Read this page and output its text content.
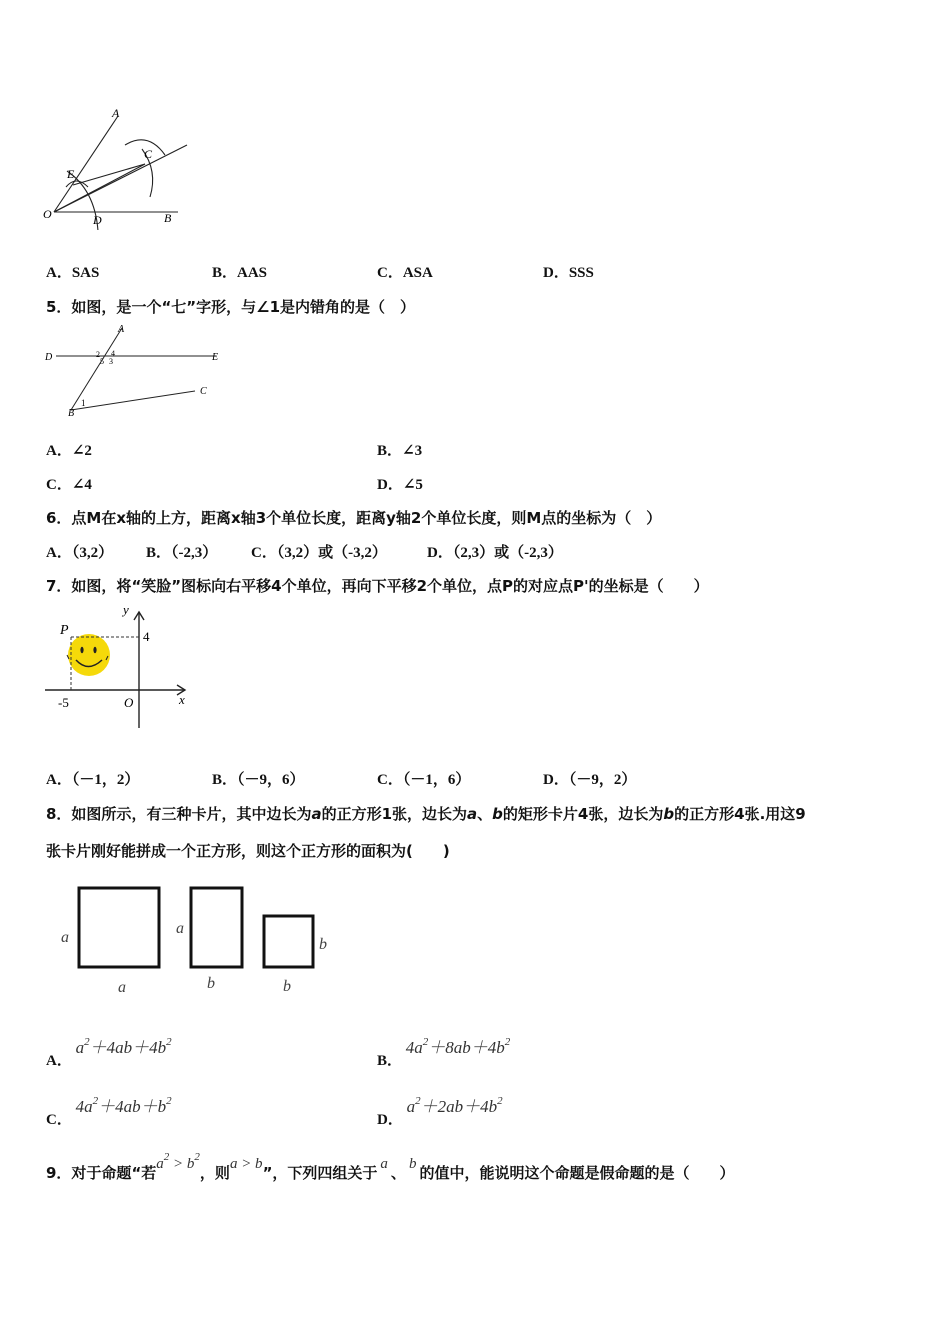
A
C
E
O	D	B
A．SAS	B．AAS	C．ASA	D．SSS
5．如图，是一个“七”字形，与∠1是内错角的是（　）
A
D	E
C
B
1
2
3
4
5
A．∠2	B．∠3
C．∠4	D．∠5
6．点M在x轴的上方，距离x轴3个单位长度，距离y轴2个单位长度，则M点的坐标为（　）
A．（3,2） B．（-2,3） C．（3,2）或（-3,2）	D．（2,3）或（-2,3）
7．如图，将“笑脸”图标向右平移4个单位，再向下平移2个单位，点P的对应点P'的坐标是（　　）
P
y
x
O
4
-5
A．（－1，2）	B．（－9，6）	C．（－1，6）	D．（－9，2）
8．如图所示，有三种卡片，其中边长为a的正方形1张，边长为a、b的矩形卡片4张，边长为b的正方形4张.用这9
张卡片刚好能拼成一个正方形，则这个正方形的面积为(　　)
a
a
a
b
b
b
A． $a^2+4ab+4b^2$
B． $4a^2+8ab+4b^2$
C． $4a^2+4ab+b^2$
D． $a^2+2ab+4b^2$
9．对于命题“若$a^2 > b^2$，则a > b”，下列四组关于 a 、 b 的值中，能说明这个命题是假命题的是（　　）
